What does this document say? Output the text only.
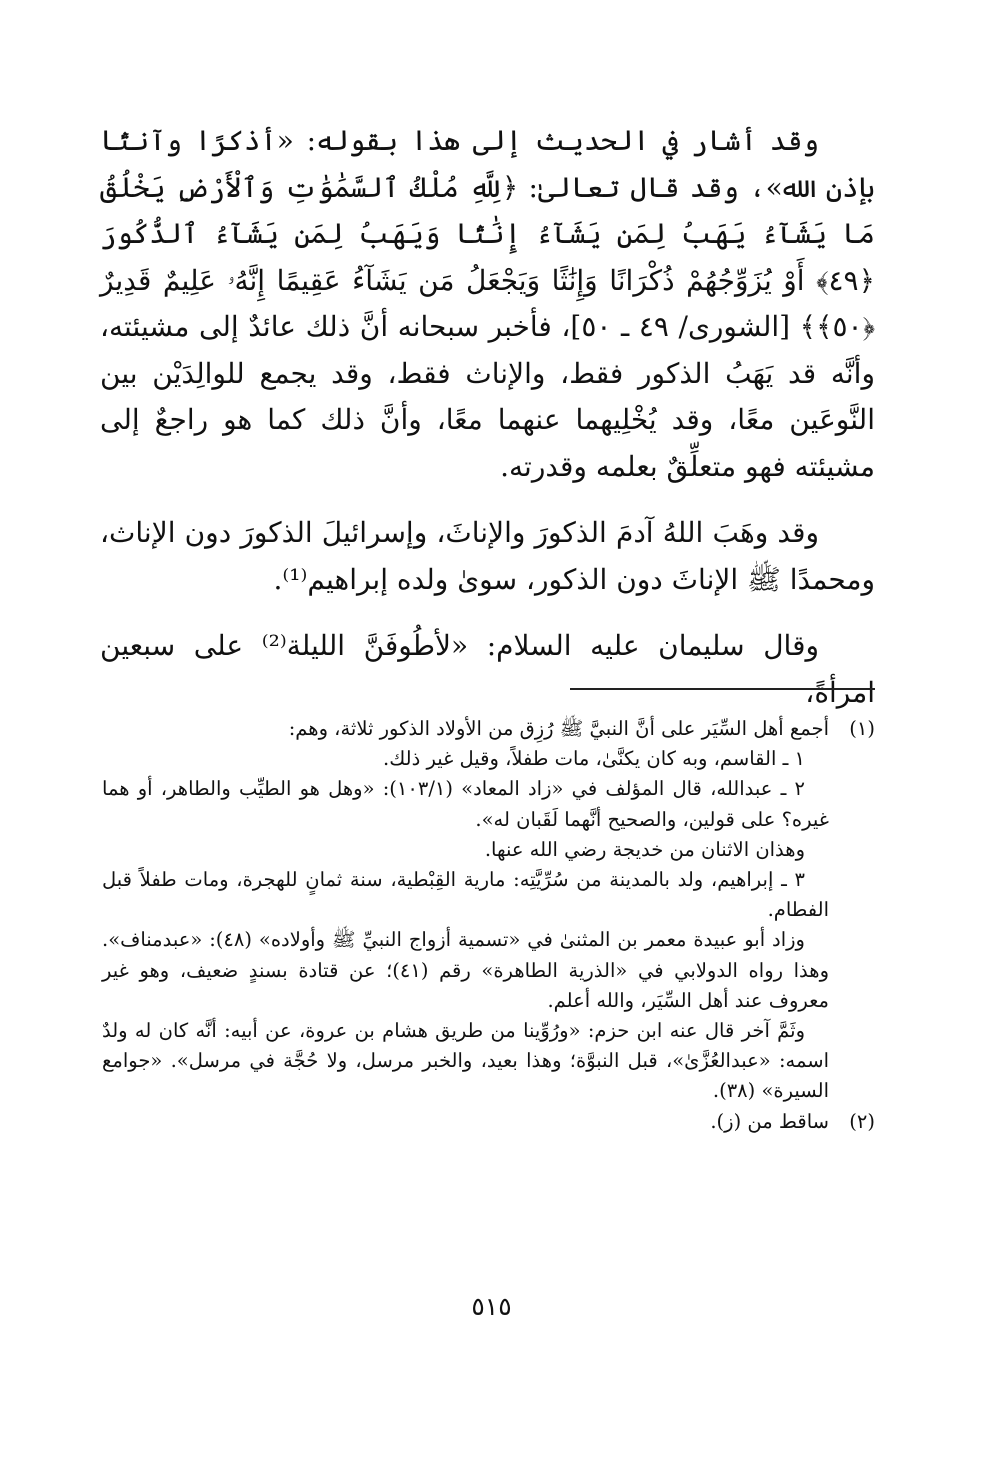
وقد أشار في الحديث إلى هذا بقوله: «أذكرًا وآنثًا بإذن الله»، وقد قال تعالىٰ: ﴿لِلَّهِ مُلْكُ ٱلسَّمَٰوَٰتِ وَٱلْأَرْضِ يَخْلُقُ مَا يَشَآءُ يَهَبُ لِمَن يَشَآءُ إِنَٰثًا وَيَهَبُ لِمَن يَشَآءُ ٱلذُّكُورَ ﴿٤٩﴾ أَوْ يُزَوِّجُهُمْ ذُكْرَانًا وَإِنَٰثًا وَيَجْعَلُ مَن يَشَآءُ عَقِيمًا إِنَّهُۥ عَلِيمٌ قَدِيرٌ ﴿٥٠﴾﴾ [الشورى/ ٤٩ ـ ٥٠]، فأخبر سبحانه أنَّ ذلك عائدٌ إلى مشيئته، وأنَّه قد يَهَبُ الذكور فقط، والإناث فقط، وقد يجمع للوالِدَيْن بين النَّوعَين معًا، وقد يُخْلِيهما عنهما معًا، وأنَّ ذلك كما هو راجعٌ إلى مشيئته فهو متعلِّقٌ بعلمه وقدرته.

وقد وهَبَ اللهُ آدمَ الذكورَ والإناثَ، وإسرائيلَ الذكورَ دون الإناث، ومحمدًا ﷺ الإناثَ دون الذكور، سوىٰ ولده إبراهيم⁽¹⁾.

وقال سليمان عليه السلام: «لأطُوفَنَّ الليلة⁽²⁾ على سبعين امرأةً،

(١)

أجمع أهل السِّيَر على أنَّ النبيَّ ﷺ رُزِق من الأولاد الذكور ثلاثة، وهم:

١ ـ القاسم، وبه كان يكنَّىٰ، مات طفلاً، وقيل غير ذلك.

٢ ـ عبدالله، قال المؤلف في «زاد المعاد» (١٠٣/١): «وهل هو الطيِّب والطاهر، أو هما غيره؟ على قولين، والصحيح أنَّهما لَقَبان له».

وهذان الاثنان من خديجة رضي الله عنها.

٣ ـ إبراهيم، ولد بالمدينة من سُرِّيَّتِه: مارية القِبْطية، سنة ثمانٍ للهجرة، ومات طفلاً قبل الفطام.

وزاد أبو عبيدة معمر بن المثنىٰ في «تسمية أزواج النبيِّ ﷺ وأولاده» (٤٨): «عبدمناف». وهذا رواه الدولابي في «الذرية الطاهرة» رقم (٤١)؛ عن قتادة بسندٍ ضعيف، وهو غير معروف عند أهل السِّيَر، والله أعلم.

وثَمَّ آخر قال عنه ابن حزم: «ورُوِّينا من طريق هشام بن عروة، عن أبيه: أنَّه كان له ولدٌ اسمه: «عبدالعُزَّىٰ»، قبل النبوَّة؛ وهذا بعيد، والخبر مرسل، ولا حُجَّة في مرسل». «جوامع السيرة» (٣٨).

(٢)

ساقط من (ز).

٥١٥
